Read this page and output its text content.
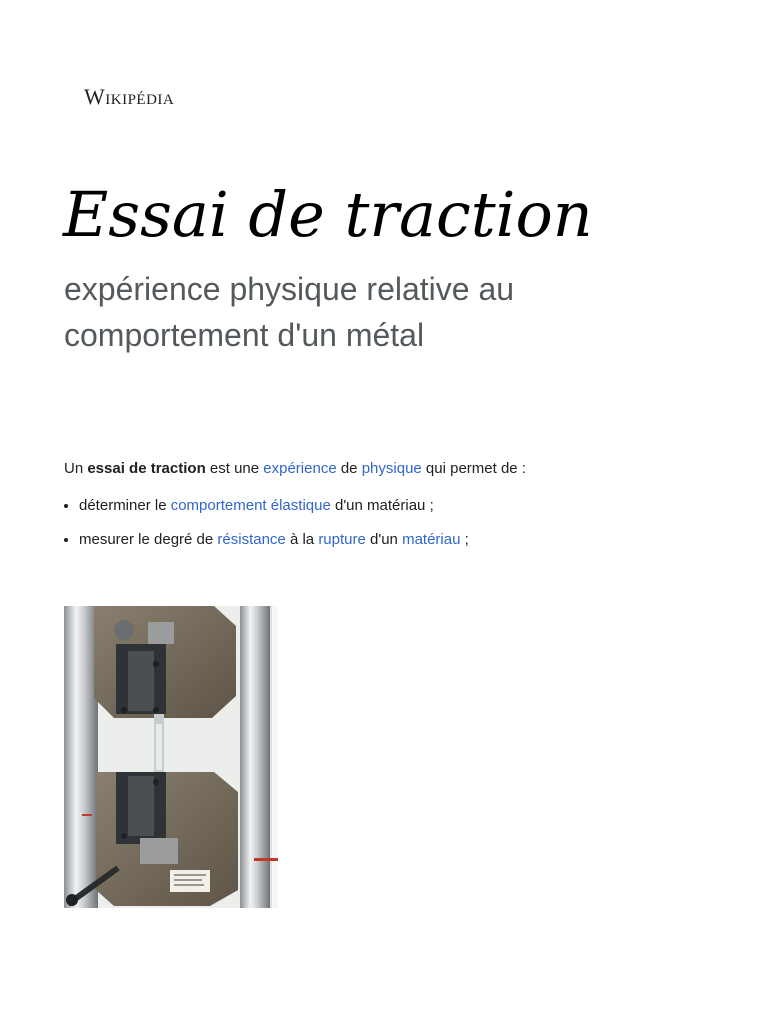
Wikipédia
Essai de traction

expérience physique relative au comportement d'un métal

Un essai de traction est une expérience de physique qui permet de :

• déterminer le comportement élastique d'un matériau ;
• mesurer le degré de résistance à la rupture d'un matériau ;
